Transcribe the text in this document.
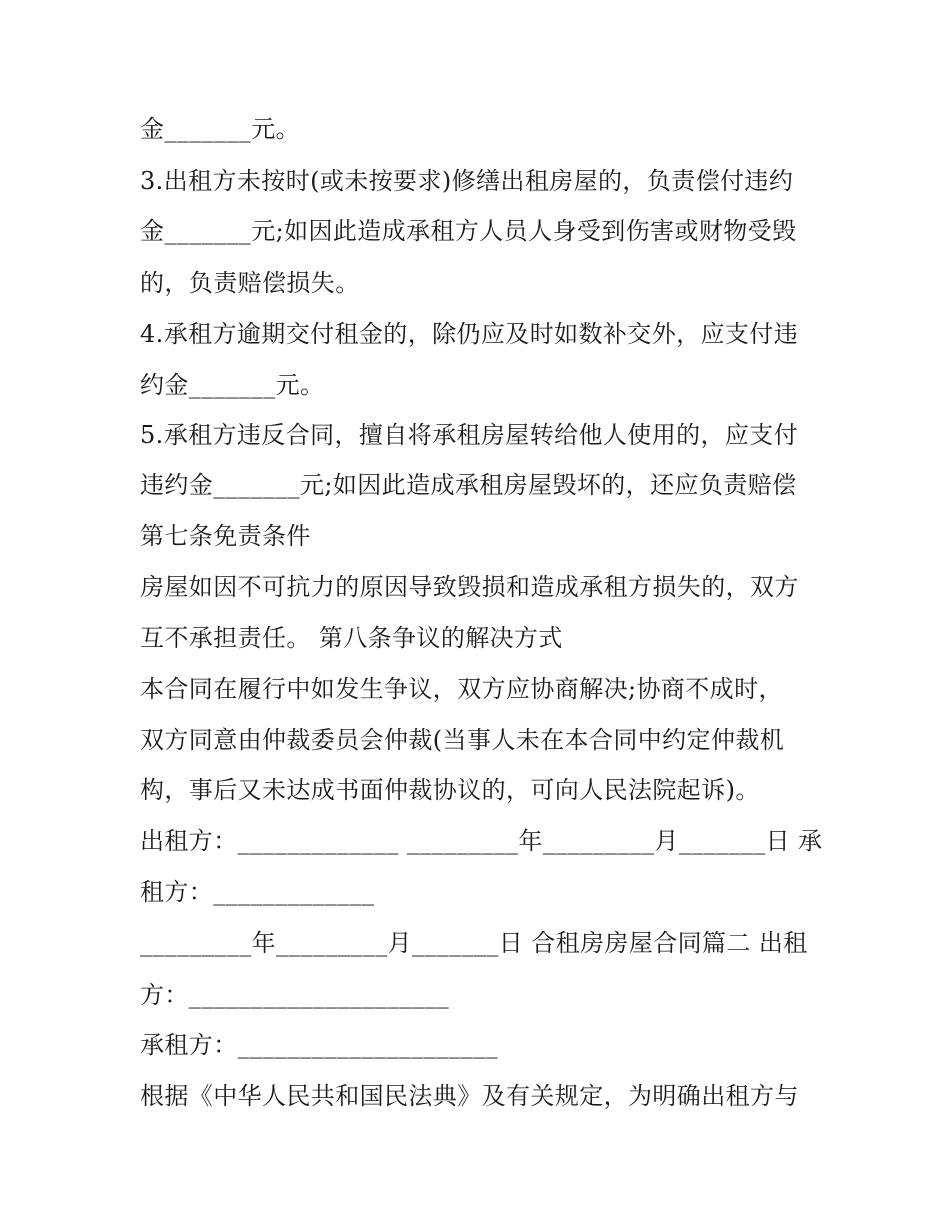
金_______元。
3.出租方未按时(或未按要求)修缮出租房屋的，负责偿付违约
金_______元;如因此造成承租方人员人身受到伤害或财物受毁
的，负责赔偿损失。
4.承租方逾期交付租金的，除仍应及时如数补交外，应支付违
约金_______元。
5.承租方违反合同，擅自将承租房屋转给他人使用的，应支付
违约金_______元;如因此造成承租房屋毁坏的，还应负责赔偿
第七条免责条件
房屋如因不可抗力的原因导致毁损和造成承租方损失的，双方
互不承担责任。 第八条争议的解决方式
本合同在履行中如发生争议，双方应协商解决;协商不成时，
双方同意由仲裁委员会仲裁(当事人未在本合同中约定仲裁机
构，事后又未达成书面仲裁协议的，可向人民法院起诉)。
出租方：_____________ _________年_________月_______日 承
租方：_____________
_________年_________月_______日 合租房房屋合同篇二 出租
方：_____________________
承租方：_____________________
根据《中华人民共和国民法典》及有关规定，为明确出租方与
